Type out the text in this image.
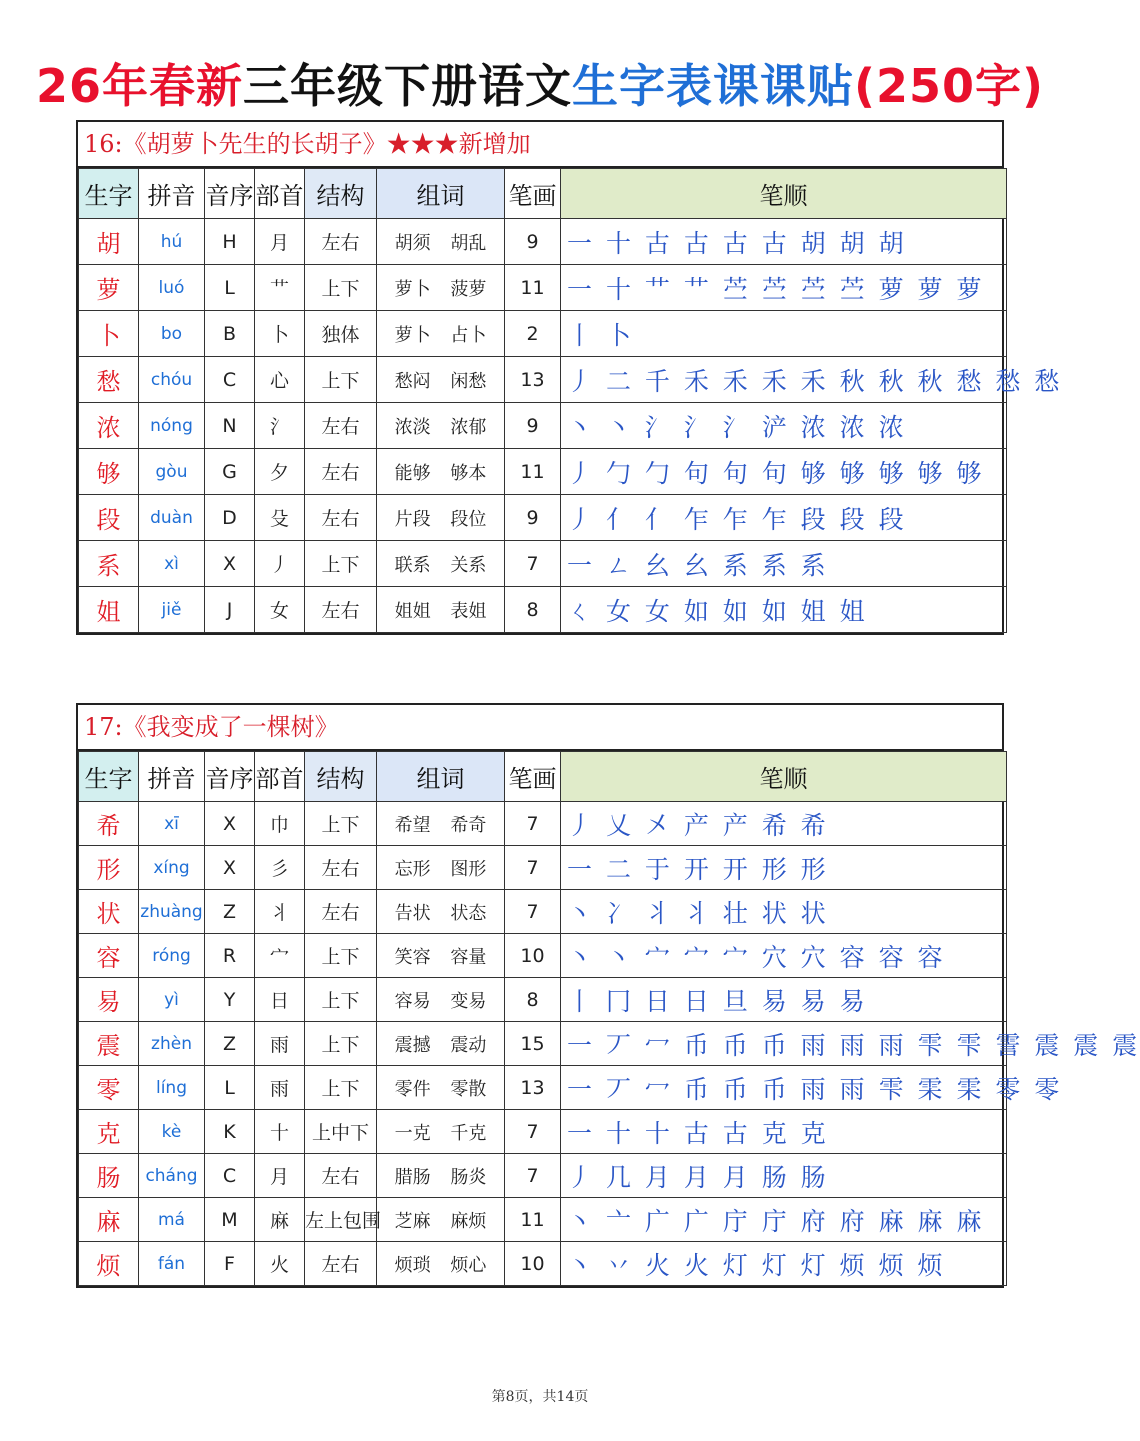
26年春新三年级下册语文生字表课课贴(250字)
16:《胡萝卜先生的长胡子》★★★新增加
生字	拼音	音序	部首	结构	组词	笔画	笔顺
胡	hú	H	月	左右	胡须 胡乱	9	一 十 古 古 古 古 胡 胡 胡
萝	luó	L	艹	上下	萝卜 菠萝	11	一 十 艹 艹 苎 苎 苎 苎 萝 萝 萝
卜	bo	B	卜	独体	萝卜 占卜	2	丨 卜
愁	chóu	C	心	上下	愁闷 闲愁	13	丿 二 千 禾 禾 禾 禾 秋 秋 秋 愁 愁 愁
浓	nóng	N	氵	左右	浓淡 浓郁	9	丶 丶 氵 氵 氵 浐 浓 浓 浓
够	gòu	G	夕	左右	能够 够本	11	丿 勹 勹 句 句 句 够 够 够 够 够
段	duàn	D	殳	左右	片段 段位	9	丿 亻 亻 乍 乍 乍 段 段 段
系	xì	X	丿	上下	联系 关系	7	一 ㄥ 幺 幺 系 系 系
姐	jiě	J	女	左右	姐姐 表姐	8	ㄑ 女 女 如 如 如 姐 姐
17:《我变成了一棵树》
生字	拼音	音序	部首	结构	组词	笔画	笔顺
希	xī	X	巾	上下	希望 希奇	7	丿 乂 㐅 产 产 希 希
形	xíng	X	彡	左右	忘形 图形	7	一 二 于 开 开 形 形
状	zhuàng	Z	丬	左右	告状 状态	7	丶 冫 丬 丬 壮 状 状
容	róng	R	宀	上下	笑容 容量	10	丶 丶 宀 宀 宀 穴 穴 容 容 容
易	yì	Y	日	上下	容易 变易	8	丨 冂 日 日 旦 易 易 易
震	zhèn	Z	雨	上下	震撼 震动	15	一 丆 冖 币 币 币 雨 雨 雨 雫 雫 霅 震 震 震
零	líng	L	雨	上下	零件 零散	13	一 丆 冖 币 币 币 雨 雨 雫 雬 雬 零 零
克	kè	K	十	上中下	一克 千克	7	一 十 十 古 古 克 克
肠	cháng	C	月	左右	腊肠 肠炎	7	丿 几 月 月 月 肠 肠
麻	má	M	麻	左上包围	芝麻 麻烦	11	丶 亠 广 广 庁 庁 府 府 麻 麻 麻
烦	fán	F	火	左右	烦琐 烦心	10	丶 丷 火 火 灯 灯 灯 烦 烦 烦
第8页，共14页
